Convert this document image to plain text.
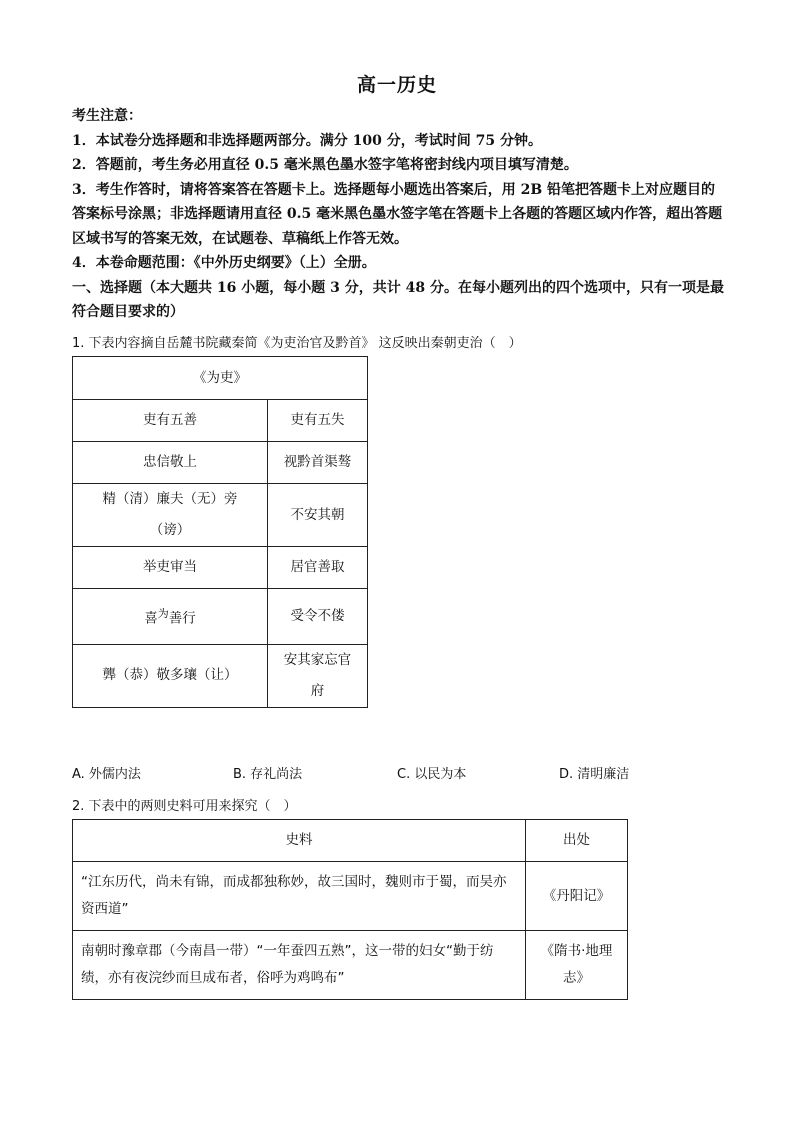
高一历史

考生注意：

1．本试卷分选择题和非选择题两部分。满分 100 分，考试时间 75 分钟。

2．答题前，考生务必用直径 0.5 毫米黑色墨水签字笔将密封线内项目填写清楚。

3．考生作答时，请将答案答在答题卡上。选择题每小题选出答案后，用 2B 铅笔把答题卡上对应题目的答案标号涂黑；非选择题请用直径 0.5 毫米黑色墨水签字笔在答题卡上各题的答题区域内作答，超出答题区域书写的答案无效，在试题卷、草稿纸上作答无效。

4．本卷命题范围：《中外历史纲要》（上）全册。

一、选择题（本大题共 16 小题，每小题 3 分，共计 48 分。在每小题列出的四个选项中，只有一项是最符合题目要求的）

1. 下表内容摘自岳麓书院藏秦简《为吏治官及黔首》 这反映出秦朝吏治（　）
《为吏》	
吏有五善	吏有五失
忠信敬上	视黔首渠骜
精（清）廉夫（无）旁（谤）	不安其朝
举吏审当	居官善取
喜$^为$善行	受令不偻
龏（恭）敬多瓖（让）	安其家忘官府
A. 外儒内法	B. 存礼尚法	C. 以民为本	D. 清明廉洁
2. 下表中的两则史料可用来探究（　）
史料	出处
“江东历代，尚未有锦，而成都独称妙，故三国时，魏则市于蜀，而吴亦资西道”	《丹阳记》
南朝时豫章郡（今南昌一带）“一年蚕四五熟”，这一带的妇女“勤于纺绩，亦有夜浣纱而旦成布者，俗呼为鸡鸣布”	《隋书·地理志》
